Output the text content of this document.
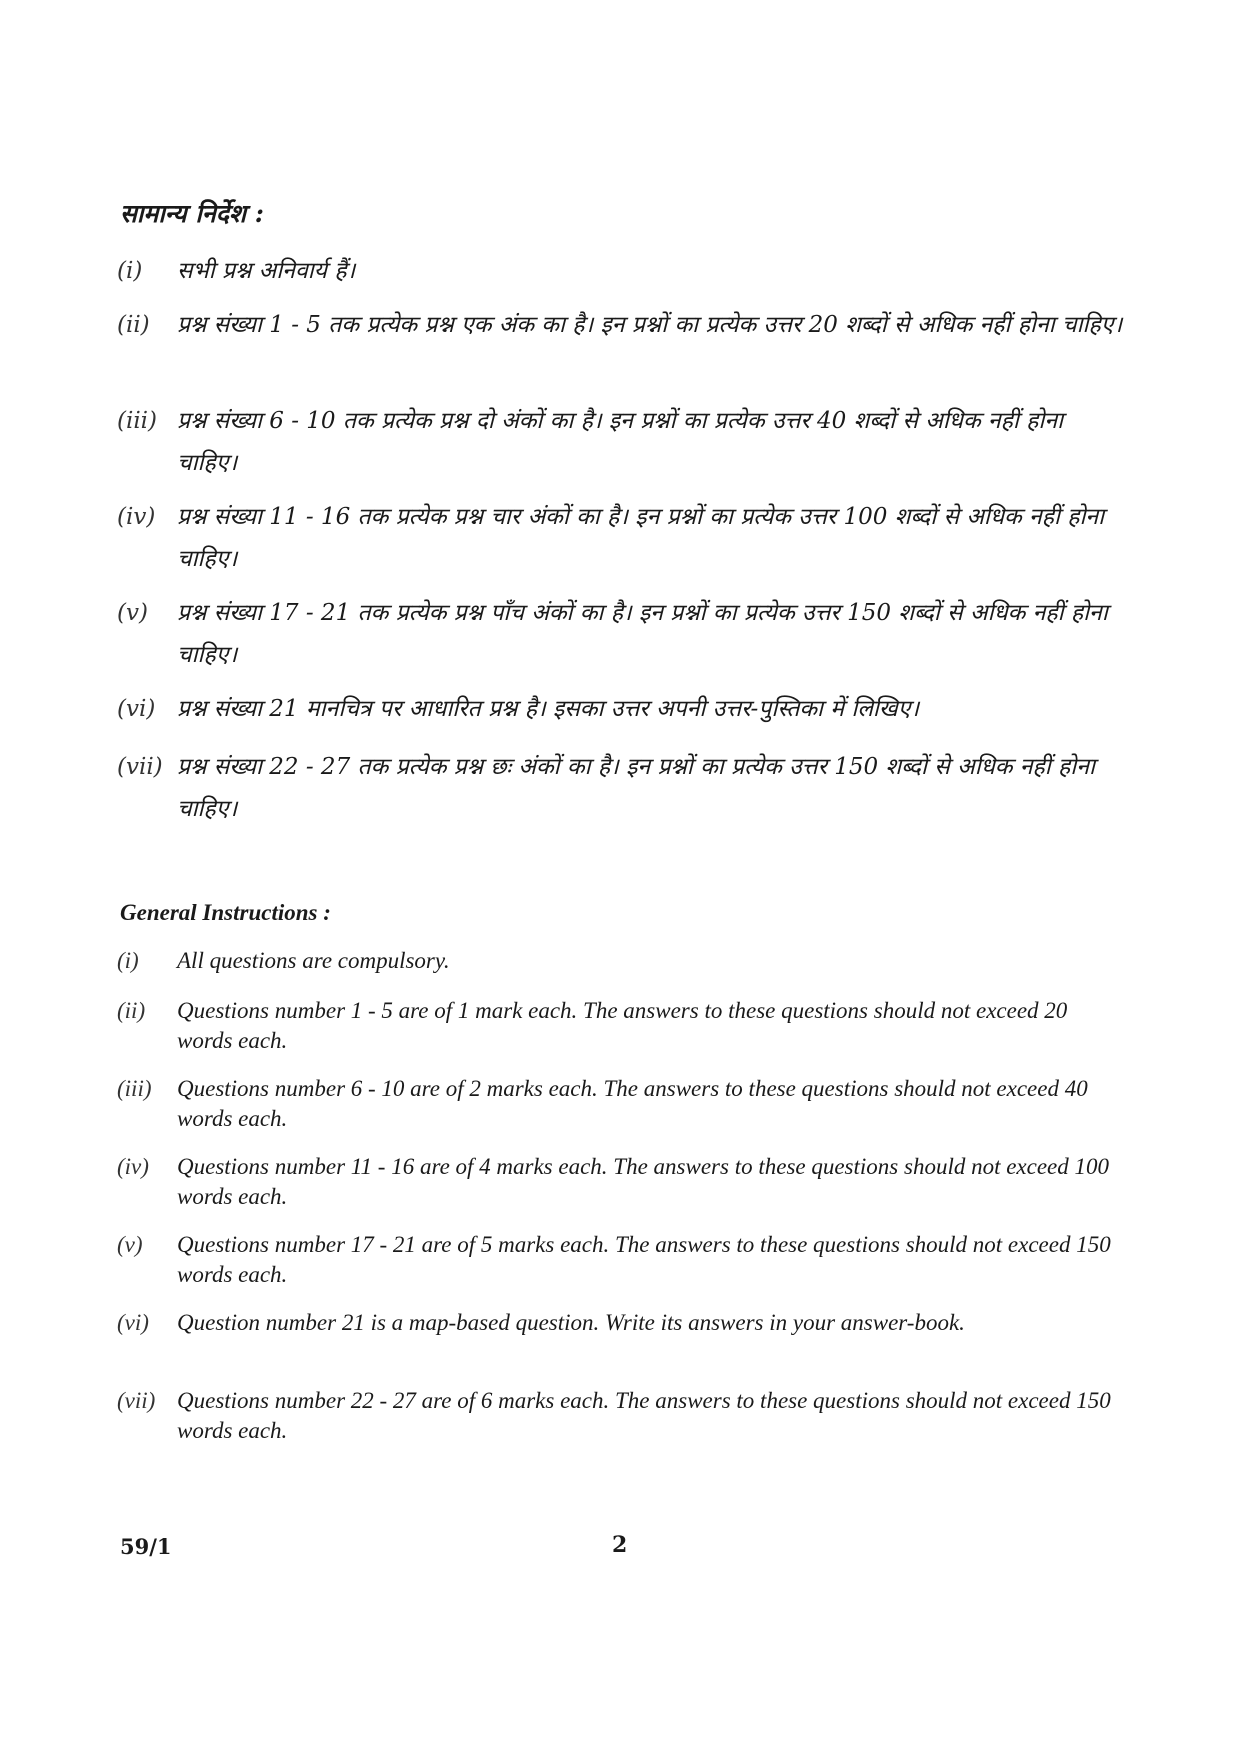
सामान्य निर्देश :
(i)	सभी प्रश्न अनिवार्य हैं।
(ii)	प्रश्न संख्या 1 - 5 तक प्रत्येक प्रश्न एक अंक का है। इन प्रश्नों का प्रत्येक उत्तर 20 शब्दों से अधिक नहीं होना चाहिए।
(iii) प्रश्न संख्या 6 - 10 तक प्रत्येक प्रश्न दो अंकों का है। इन प्रश्नों का प्रत्येक उत्तर 40 शब्दों से अधिक नहीं होना चाहिए।
(iv) प्रश्न संख्या 11 - 16 तक प्रत्येक प्रश्न चार अंकों का है। इन प्रश्नों का प्रत्येक उत्तर 100 शब्दों से अधिक नहीं होना चाहिए।
(v)	प्रश्न संख्या 17 - 21 तक प्रत्येक प्रश्न पाँच अंकों का है। इन प्रश्नों का प्रत्येक उत्तर 150 शब्दों से अधिक नहीं होना चाहिए।
(vi) प्रश्न संख्या 21 मानचित्र पर आधारित प्रश्न है। इसका उत्तर अपनी उत्तर-पुस्तिका में लिखिए।
(vii) प्रश्न संख्या 22 - 27 तक प्रत्येक प्रश्न छः अंकों का है। इन प्रश्नों का प्रत्येक उत्तर 150 शब्दों से अधिक नहीं होना चाहिए।
General Instructions :
(i)	All questions are compulsory.
(ii)	Questions number 1 - 5 are of 1 mark each. The answers to these questions should not exceed 20 words each.
(iii)	Questions number 6 - 10 are of 2 marks each. The answers to these questions should not exceed 40 words each.
(iv)	Questions number 11 - 16 are of 4 marks each. The answers to these questions should not exceed 100 words each.
(v)	Questions number 17 - 21 are of 5 marks each. The answers to these questions should not exceed 150 words each.
(vi)	Question number 21 is a map-based question. Write its answers in your answer-book.
(vii) Questions number 22 - 27 are of 6 marks each. The answers to these questions should not exceed 150 words each.
59/1	2
